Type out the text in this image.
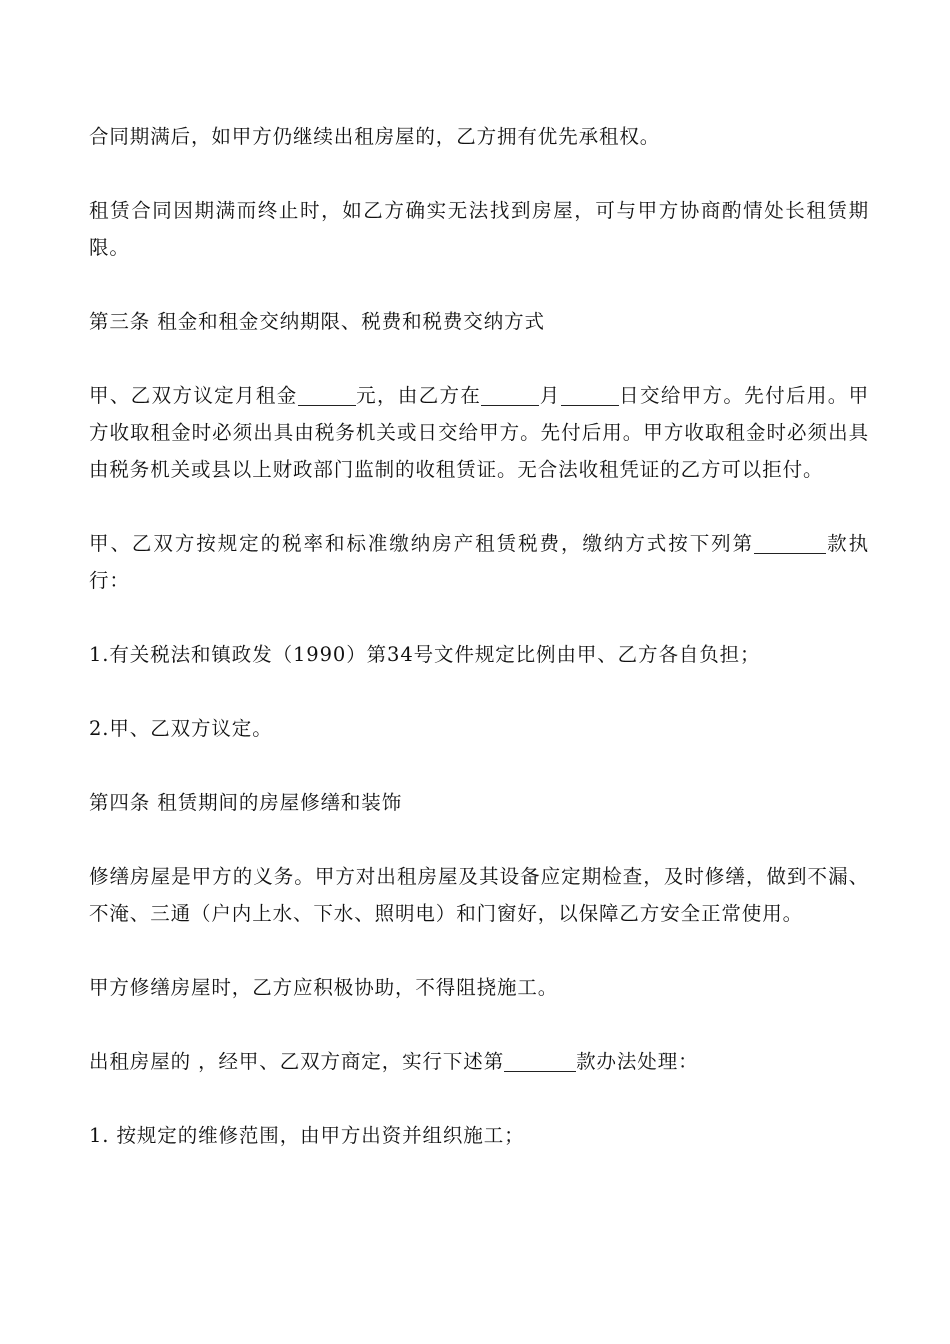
合同期满后，如甲方仍继续出租房屋的，乙方拥有优先承租权。

租赁合同因期满而终止时，如乙方确实无法找到房屋，可与甲方协商酌情处长租赁期限。

第三条 租金和租金交纳期限、税费和税费交纳方式

甲、乙双方议定月租金	元，由乙方在	月	日交给甲方。先付后用。甲方收取租金时必须出具由税务机关或日交给甲方。先付后用。甲方收取租金时必须出具由税务机关或县以上财政部门监制的收租赁证。无合法收租凭证的乙方可以拒付。

甲、乙双方按规定的税率和标准缴纳房产租赁税费，缴纳方式按下列第	款执行：

1.有关税法和镇政发（1990）第34号文件规定比例由甲、乙方各自负担；

2.甲、乙双方议定。

第四条 租赁期间的房屋修缮和装饰

修缮房屋是甲方的义务。甲方对出租房屋及其设备应定期检查，及时修缮，做到不漏、不淹、三通（户内上水、下水、照明电）和门窗好，以保障乙方安全正常使用。

甲方修缮房屋时，乙方应积极协助，不得阻挠施工。

出租房屋的 ，经甲、乙双方商定，实行下述第	款办法处理：

1. 按规定的维修范围，由甲方出资并组织施工；
